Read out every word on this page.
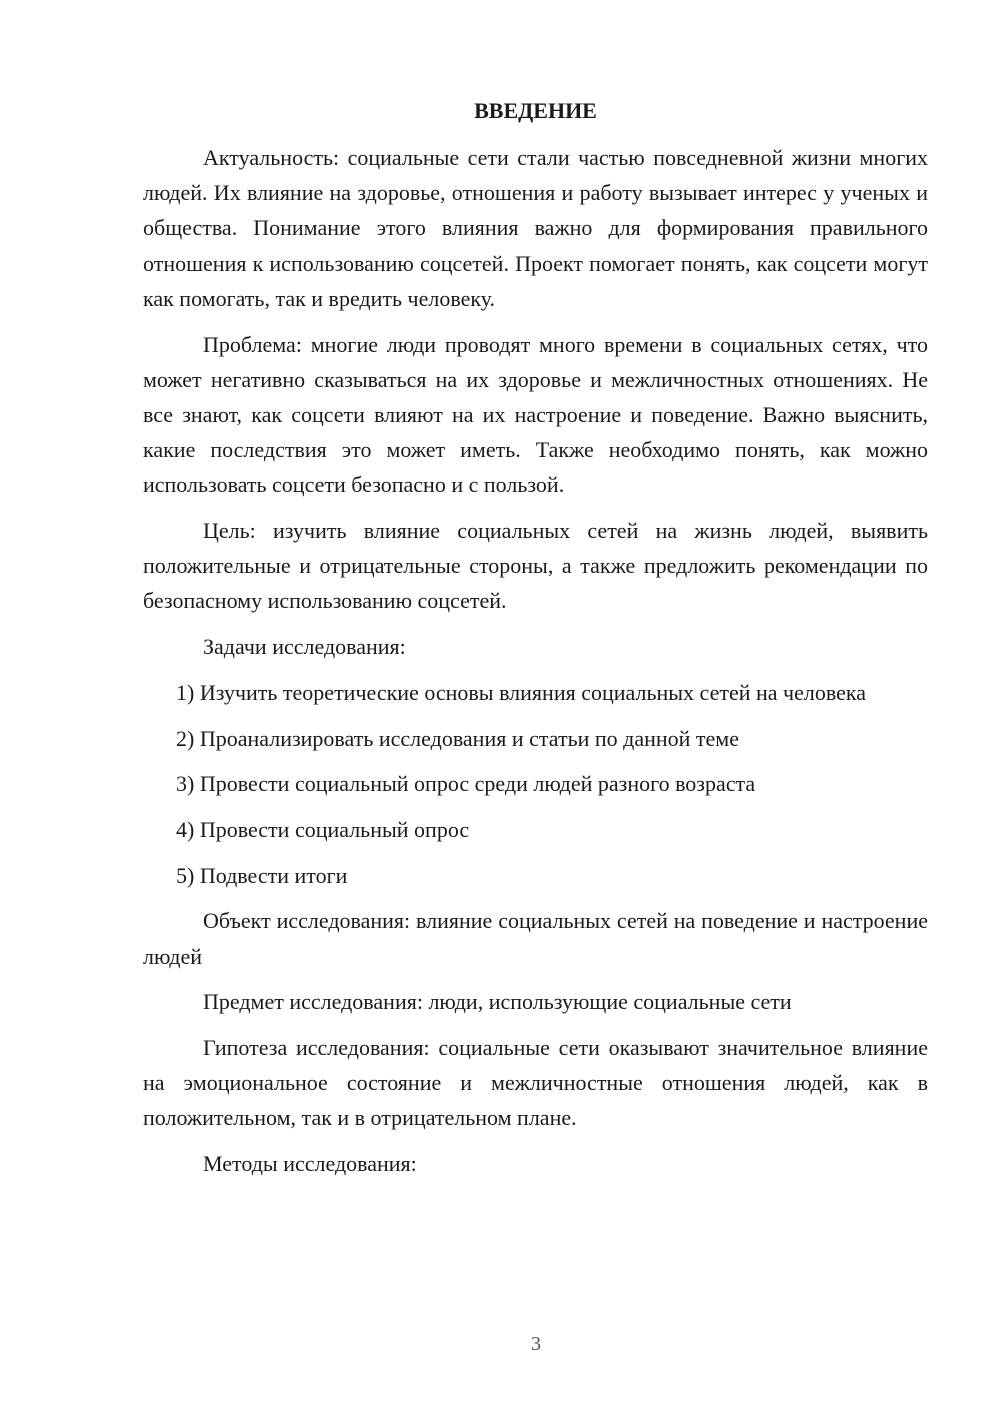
ВВЕДЕНИЕ

Актуальность: социальные сети стали частью повседневной жизни многих людей. Их влияние на здоровье, отношения и работу вызывает интерес у ученых и общества. Понимание этого влияния важно для формирования правильного отношения к использованию соцсетей. Проект помогает понять, как соцсети могут как помогать, так и вредить человеку.

Проблема: многие люди проводят много времени в социальных сетях, что может негативно сказываться на их здоровье и межличностных отношениях. Не все знают, как соцсети влияют на их настроение и поведение. Важно выяснить, какие последствия это может иметь. Также необходимо понять, как можно использовать соцсети безопасно и с пользой.

Цель: изучить влияние социальных сетей на жизнь людей, выявить положительные и отрицательные стороны, а также предложить рекомендации по безопасному использованию соцсетей.

Задачи исследования:

1) Изучить теоретические основы влияния социальных сетей на человека
2) Проанализировать исследования и статьи по данной теме
3) Провести социальный опрос среди людей разного возраста
4) Провести социальный опрос
5) Подвести итоги

Объект исследования: влияние социальных сетей на поведение и настроение людей

Предмет исследования: люди, использующие социальные сети

Гипотеза исследования: социальные сети оказывают значительное влияние на эмоциональное состояние и межличностные отношения людей, как в положительном, так и в отрицательном плане.

Методы исследования:

3
